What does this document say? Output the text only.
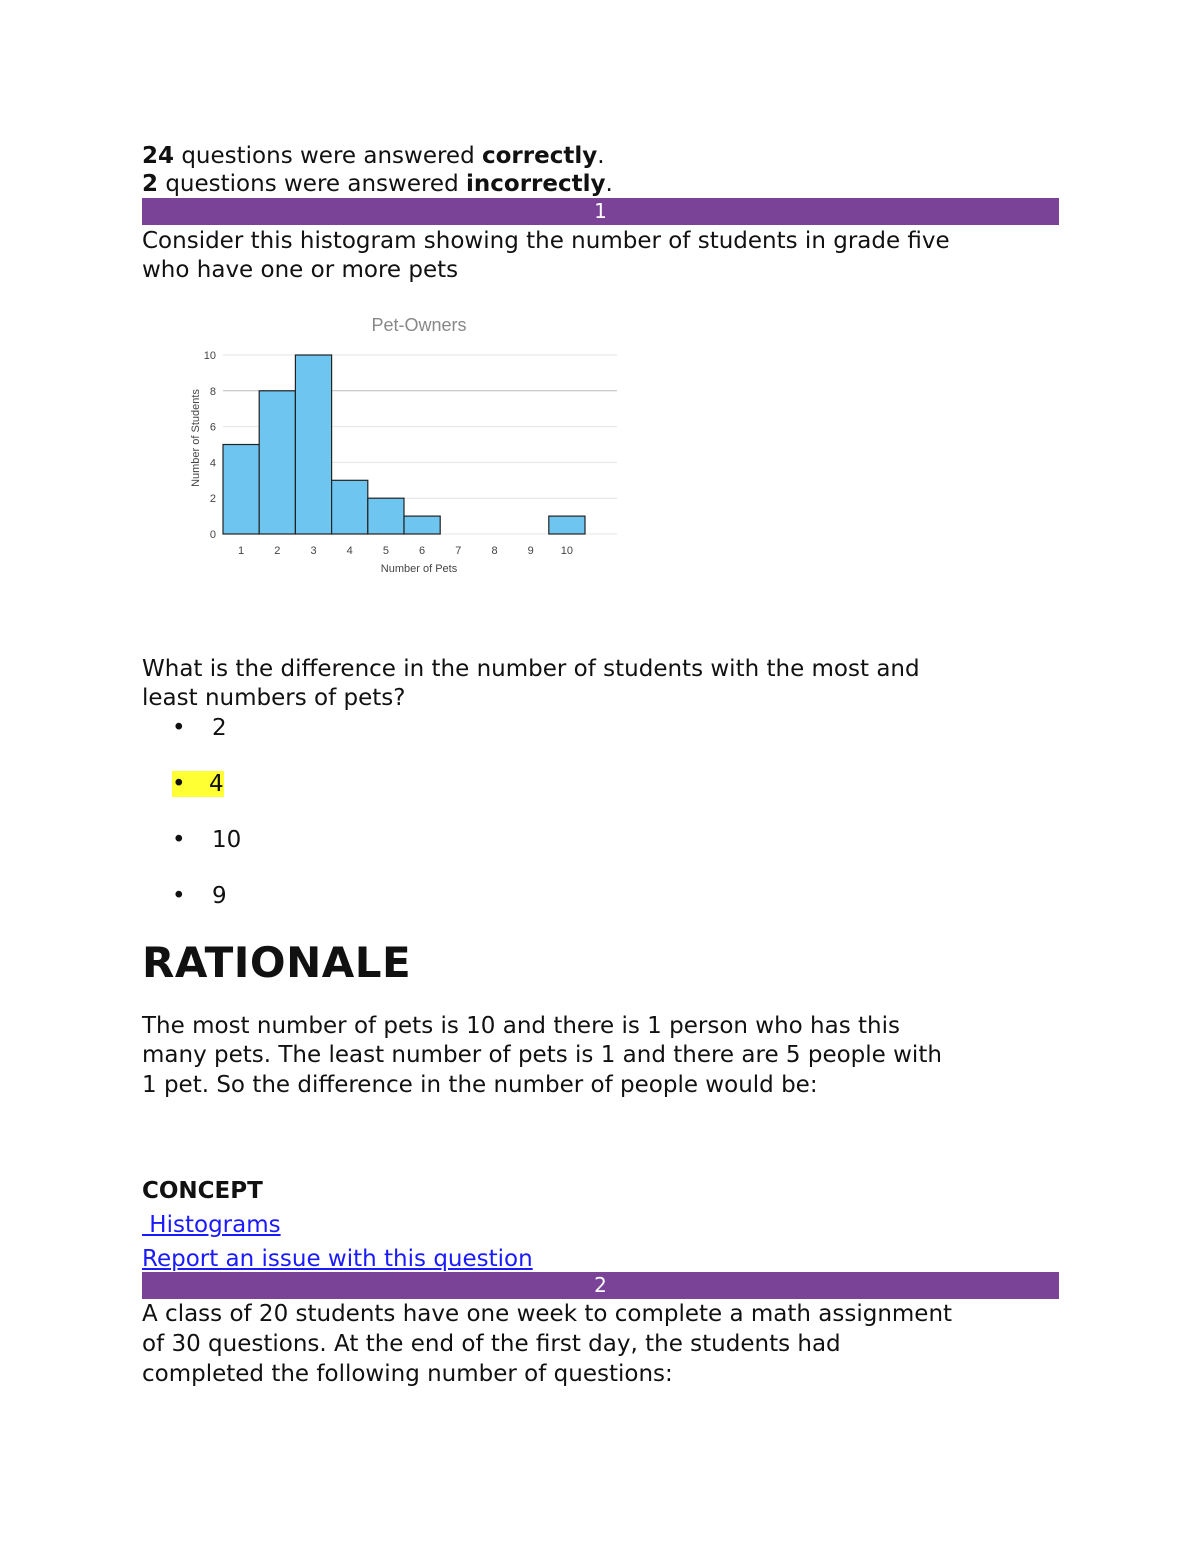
24 questions were answered correctly.
2 questions were answered incorrectly.
1
Consider this histogram showing the number of students in grade five
who have one or more pets
Pet-Owners
Number of Students
Number of Pets
0
2
4
6
8
10
1	2	3	4	5	6	7	8	9 10
What is the difference in the number of students with the most and
least numbers of pets?
• 2
• 4
• 10
• 9
RATIONALE
The most number of pets is 10 and there is 1 person who has this
many pets. The least number of pets is 1 and there are 5 people with
1 pet. So the difference in the number of people would be:
CONCEPT
Histograms
Report an issue with this question
2
A class of 20 students have one week to complete a math assignment
of 30 questions. At the end of the first day, the students had
completed the following number of questions:
